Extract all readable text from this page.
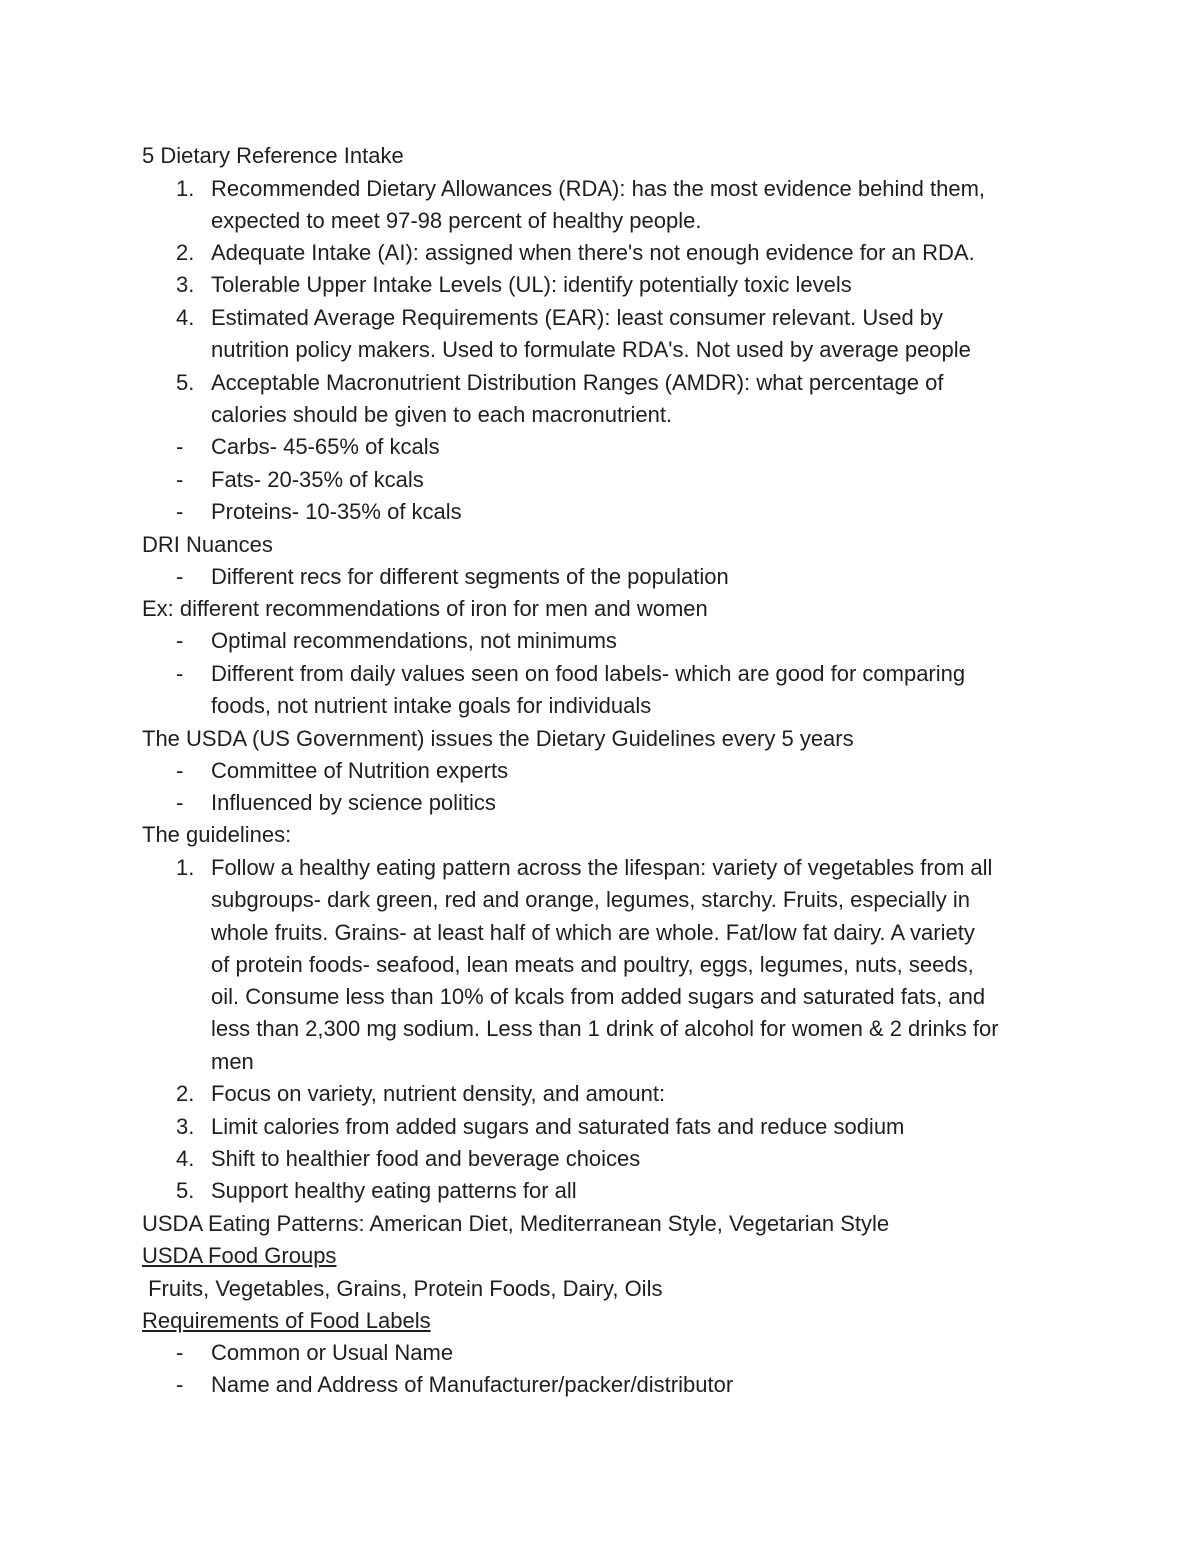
5 Dietary Reference Intake
1. Recommended Dietary Allowances (RDA): has the most evidence behind them,
expected to meet 97-98 percent of healthy people.
2. Adequate Intake (AI): assigned when there's not enough evidence for an RDA.
3. Tolerable Upper Intake Levels (UL): identify potentially toxic levels
4. Estimated Average Requirements (EAR): least consumer relevant. Used by
nutrition policy makers. Used to formulate RDA's. Not used by average people
5. Acceptable Macronutrient Distribution Ranges (AMDR): what percentage of
calories should be given to each macronutrient.
- Carbs- 45-65% of kcals
- Fats- 20-35% of kcals
- Proteins- 10-35% of kcals
DRI Nuances
- Different recs for different segments of the population
Ex: different recommendations of iron for men and women
- Optimal recommendations, not minimums
- Different from daily values seen on food labels- which are good for comparing
foods, not nutrient intake goals for individuals
The USDA (US Government) issues the Dietary Guidelines every 5 years
- Committee of Nutrition experts
- Influenced by science politics
The guidelines:
1. Follow a healthy eating pattern across the lifespan: variety of vegetables from all
subgroups- dark green, red and orange, legumes, starchy. Fruits, especially in
whole fruits. Grains- at least half of which are whole. Fat/low fat dairy. A variety
of protein foods- seafood, lean meats and poultry, eggs, legumes, nuts, seeds,
oil. Consume less than 10% of kcals from added sugars and saturated fats, and
less than 2,300 mg sodium. Less than 1 drink of alcohol for women & 2 drinks for
men
2. Focus on variety, nutrient density, and amount:
3. Limit calories from added sugars and saturated fats and reduce sodium
4. Shift to healthier food and beverage choices
5. Support healthy eating patterns for all
USDA Eating Patterns: American Diet, Mediterranean Style, Vegetarian Style
USDA Food Groups
Fruits, Vegetables, Grains, Protein Foods, Dairy, Oils
Requirements of Food Labels
- Common or Usual Name
- Name and Address of Manufacturer/packer/distributor
